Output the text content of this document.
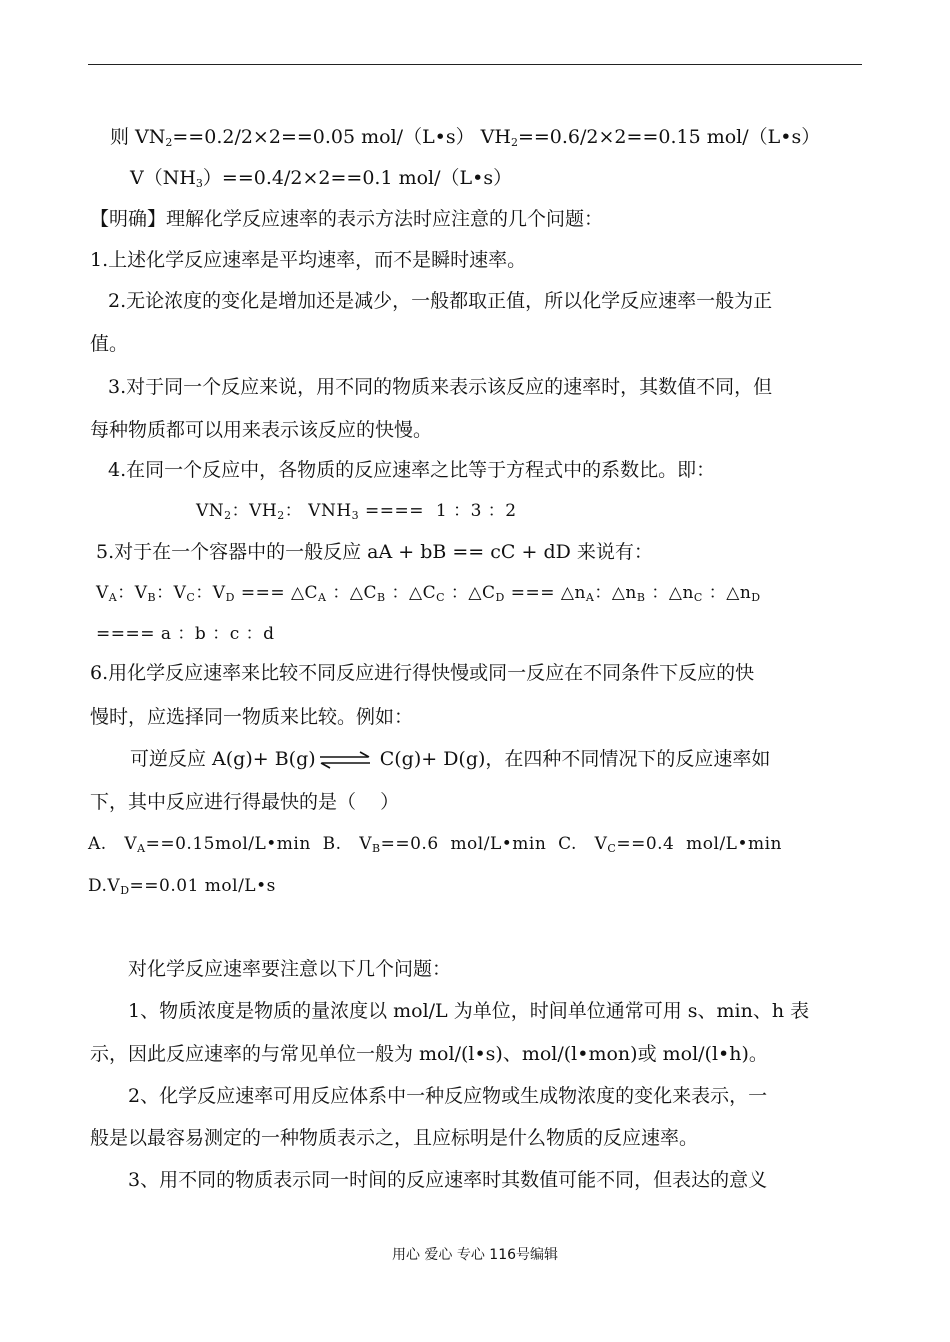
则 $VN_2==0.2/2\times 2==0.05$ mol/（L•s） $VH_2==0.6/2\times 2==0.15$ mol/（L•s）
$V(NH_3)==0.4/2\times 2==0.1$ mol/（L•s）
【明确】理解化学反应速率的表示方法时应注意的几个问题：
1.上述化学反应速率是平均速率，而不是瞬时速率。
2.无论浓度的变化是增加还是减少，一般都取正值，所以化学反应速率一般为正
值。
3.对于同一个反应来说，用不同的物质来表示该反应的速率时，其数值不同，但
每种物质都可以用来表示该反应的快慢。
4.在同一个反应中，各物质的反应速率之比等于方程式中的系数比。即：
$VN_2$：$VH_2$： $VNH_3$ ====  1 ：3 ：2
5.对于在一个容器中的一般反应 aA + bB == cC + dD 来说有：
$V_A$：$V_B$：$V_C$：$V_D$ === $\triangle C_A$ ：$\triangle C_B$ ：$\triangle C_C$ ：$\triangle C_D$ === $\triangle n_A$：$\triangle n_B$ ：$\triangle n_C$ ：$\triangle n_D$
==== a ：b ：c ：d
6.用化学反应速率来比较不同反应进行得快慢或同一反应在不同条件下反应的快
慢时，应选择同一物质来比较。例如：
可逆反应 A(g)+ B(g)⇌ C(g)+ D(g)，在四种不同情况下的反应速率如
下，其中反应进行得最快的是（    ）
A.   $V_A==0.15mol/L•\min$ B.   $V_B==0.6$  mol/L•min C.   $V_C==0.4$  mol/L•min
$D.V_D==0.01$ mol/L•s
对化学反应速率要注意以下几个问题：
1、物质浓度是物质的量浓度以 mol/L 为单位，时间单位通常可用 s、min、h 表
示，因此反应速率的与常见单位一般为 mol/(l•s)、mol/(l•mon)或 mol/(l•h)。
2、化学反应速率可用反应体系中一种反应物或生成物浓度的变化来表示，一
般是以最容易测定的一种物质表示之，且应标明是什么物质的反应速率。
3、用不同的物质表示同一时间的反应速率时其数值可能不同，但表达的意义
用心 爱心 专心 116号编辑
